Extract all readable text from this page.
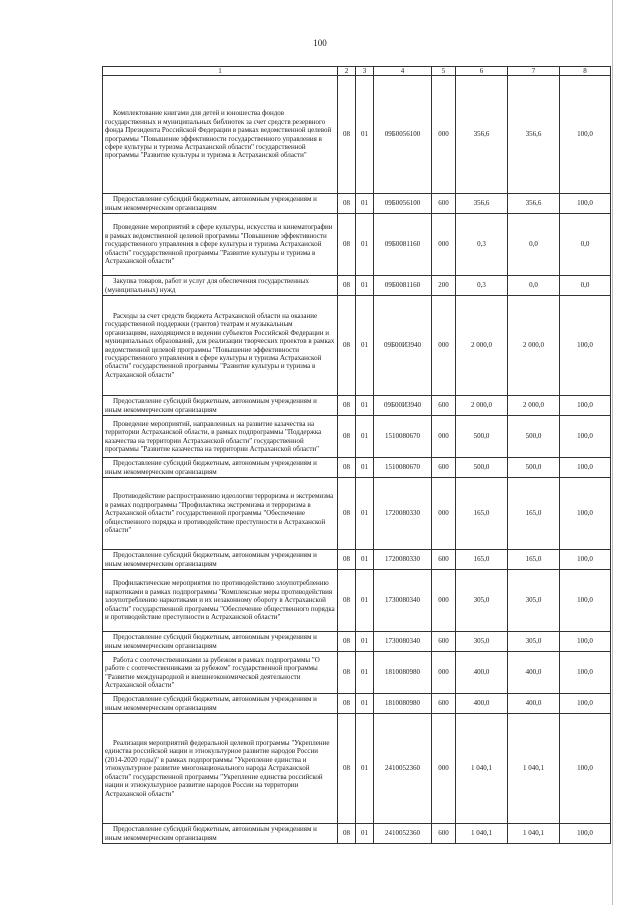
100
1	2	3	4	5	6	7	8
Комплектование книгами для детей и юношества фондов государственных и муниципальных библиотек за счет средств резервного фонда Президента Российской Федерации в рамках ведомственной целевой программы "Повышение эффективности государственного управления в сфере культуры и туризма Астраханской области" государственной программы "Развитие культуры и туризма в Астраханской области"	08	01	09Б0056100	000	356,6	356,6	100,0
Предоставление субсидий бюджетным, автономным учреждениям и иным некоммерческим организациям	08	01	09Б0056100	600	356,6	356,6	100,0
Проведение мероприятий в сфере культуры, искусства и кинематографии в рамках ведомственной целевой программы "Повышение эффективности государственного управления в сфере культуры и туризма Астраханской области" государственной программы "Развитие культуры и туризма в Астраханской области"	08	01	09Б0081160	000	0,3	0,0	0,0
Закупка товаров, работ и услуг для обеспечения государственных (муниципальных) нужд	08	01	09Б0081160	200	0,3	0,0	0,0
Расходы за счет средств бюджета Астраханской области на оказание государственной поддержки (грантов) театрам и музыкальным организациям, находящимся в ведении субъектов Российской Федерации и муниципальных образований, для реализации творческих проектов в рамках ведомственной целевой программы "Повышение эффективности государственного управления в сфере культуры и туризма Астраханской области" государственной программы "Развитие культуры и туризма в Астраханской области"	08	01	09Б00И3940	000	2 000,0	2 000,0	100,0
Предоставление субсидий бюджетным, автономным учреждениям и иным некоммерческим организациям	08	01	09Б00И3940	600	2 000,0	2 000,0	100,0
Проведение мероприятий, направленных на развитие казачества на территории Астраханской области, в рамках подпрограммы "Поддержка казачества на территории Астраханской области" государственной программы "Развитие казачества на территории Астраханской области"	08	01	1510080670	000	500,0	500,0	100,0
Предоставление субсидий бюджетным, автономным учреждениям и иным некоммерческим организациям	08	01	1510080670	600	500,0	500,0	100,0
Противодействие распространению идеологии терроризма и экстремизма в рамках подпрограммы "Профилактика экстремизма и терроризма в Астраханской области" государственной программы "Обеспечение общественного порядка и противодействие преступности в Астраханской области"	08	01	1720080330	000	165,0	165,0	100,0
Предоставление субсидий бюджетным, автономным учреждениям и иным некоммерческим организациям	08	01	1720080330	600	165,0	165,0	100,0
Профилактические мероприятия по противодействию злоупотреблению наркотиками в рамках подпрограммы "Комплексные меры противодействия злоупотреблению наркотиками и их незаконному обороту в Астраханской области" государственной программы "Обеспечение общественного порядка и противодействие преступности в Астраханской области"	08	01	1730080340	000	305,0	305,0	100,0
Предоставление субсидий бюджетным, автономным учреждениям и иным некоммерческим организациям	08	01	1730080340	600	305,0	305,0	100,0
Работа с соотечественниками за рубежом в рамках подпрограммы "О работе с соотечественниками за рубежом" государственной программы "Развитие международной и внешнеэкономической деятельности Астраханской области"	08	01	1810080980	000	400,0	400,0	100,0
Предоставление субсидий бюджетным, автономным учреждениям и иным некоммерческим организациям	08	01	1810080980	600	400,0	400,0	100,0
Реализация мероприятий федеральной целевой программы "Укрепление единства российской нации и этнокультурное развитие народов России (2014-2020 годы)" в рамках подпрограммы "Укрепление единства и этнокультурное развитие многонационального народа Астраханской области" государственной программы "Укрепление единства российской нации и этнокультурное развитие народов России на территории Астраханской области"	08	01	2410052360	000	1 040,1	1 040,1	100,0
Предоставление субсидий бюджетным, автономным учреждениям и иным некоммерческим организациям	08	01	2410052360	600	1 040,1	1 040,1	100,0
